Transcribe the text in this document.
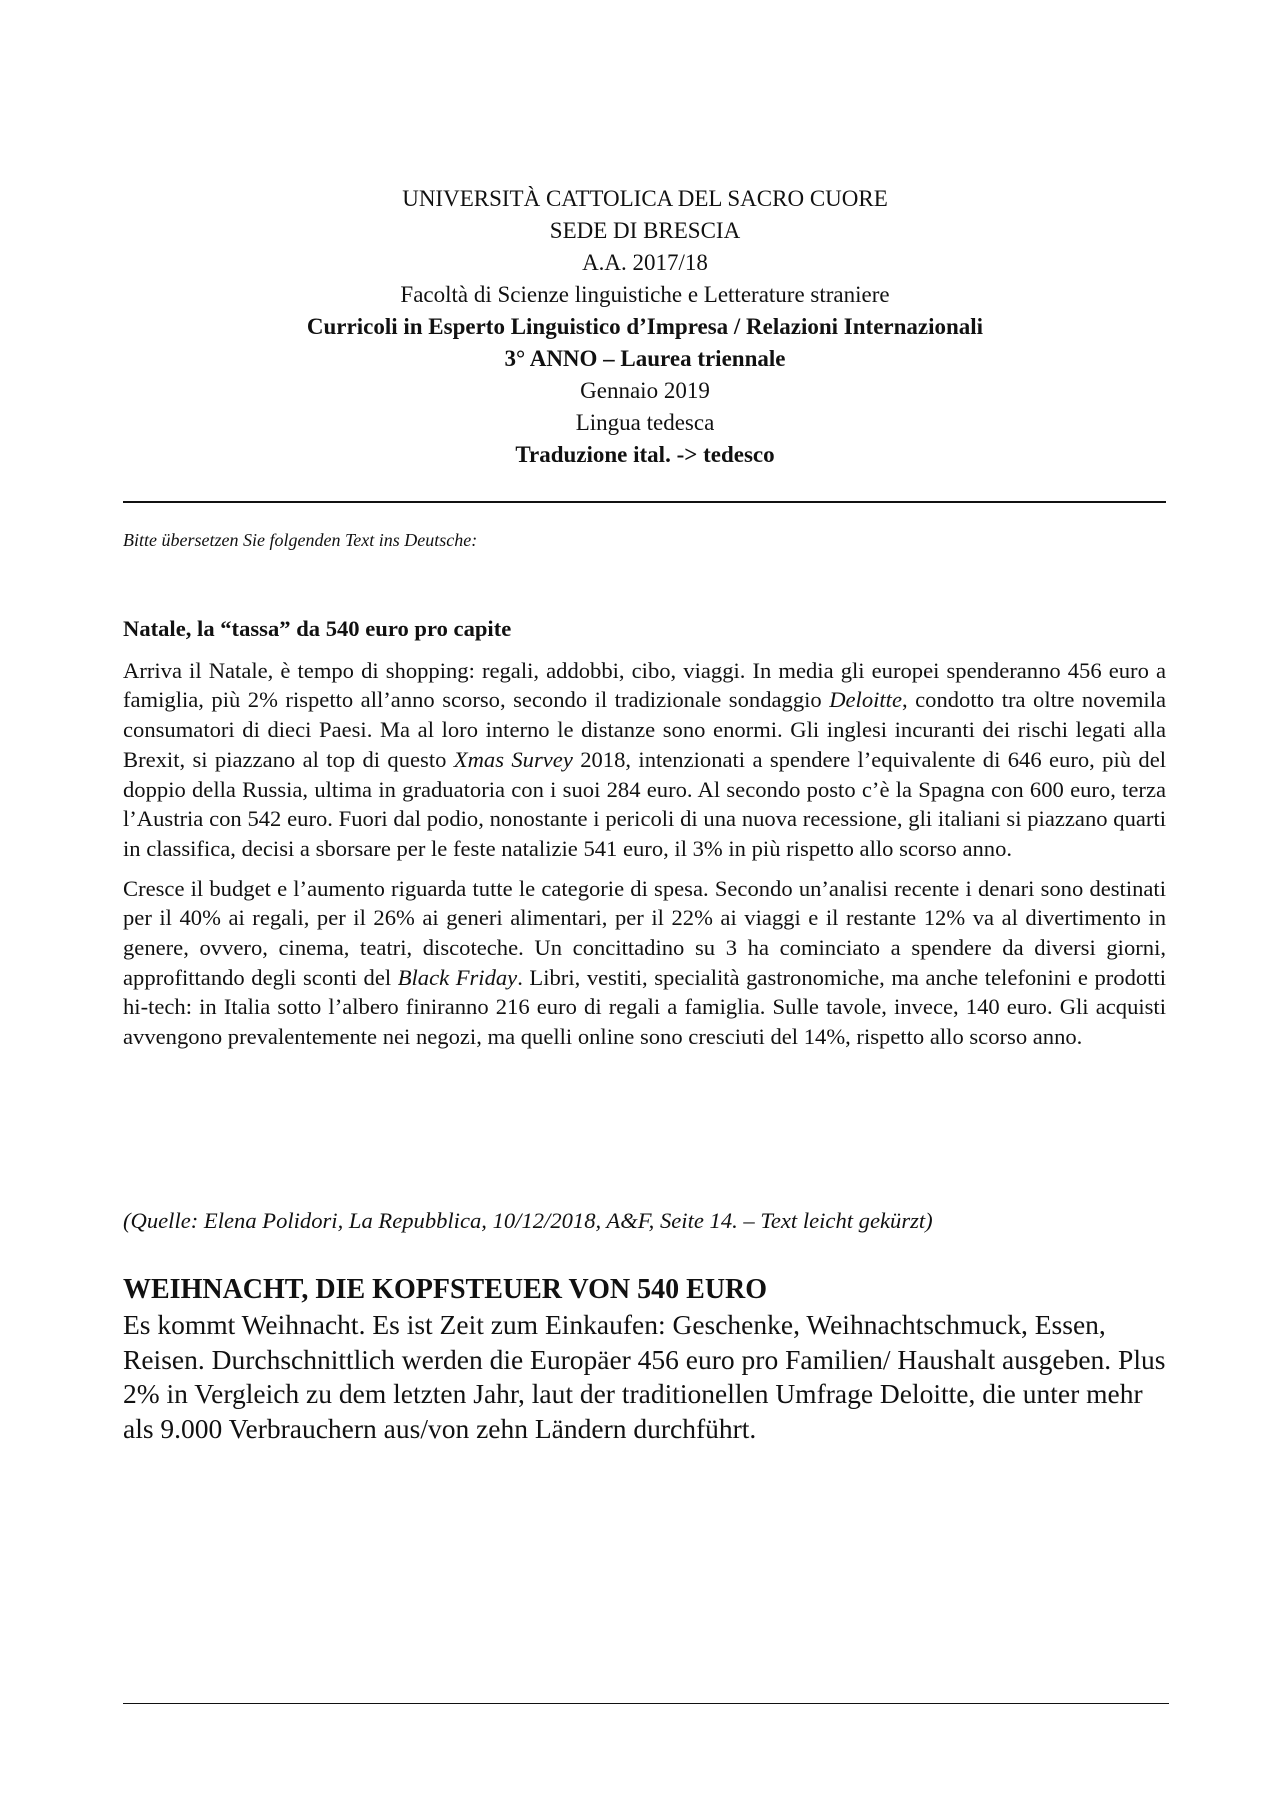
UNIVERSITÀ CATTOLICA DEL SACRO CUORE
SEDE DI BRESCIA
A.A. 2017/18
Facoltà di Scienze linguistiche e Letterature straniere
Curricoli in Esperto Linguistico d’Impresa / Relazioni Internazionali
3° ANNO – Laurea triennale
Gennaio 2019
Lingua tedesca
Traduzione ital. -> tedesco
Bitte übersetzen Sie folgenden Text ins Deutsche:
Natale, la “tassa” da 540 euro pro capite

Arriva il Natale, è tempo di shopping: regali, addobbi, cibo, viaggi. In media gli europei spenderanno 456 euro a famiglia, più 2% rispetto all’anno scorso, secondo il tradizionale sondaggio Deloitte, condotto tra oltre novemila consumatori di dieci Paesi. Ma al loro interno le distanze sono enormi. Gli inglesi incuranti dei rischi legati alla Brexit, si piazzano al top di questo Xmas Survey 2018, intenzionati a spendere l’equivalente di 646 euro, più del doppio della Russia, ultima in graduatoria con i suoi 284 euro. Al secondo posto c’è la Spagna con 600 euro, terza l’Austria con 542 euro. Fuori dal podio, nonostante i pericoli di una nuova recessione, gli italiani si piazzano quarti in classifica, decisi a sborsare per le feste natalizie 541 euro, il 3% in più rispetto allo scorso anno.

Cresce il budget e l’aumento riguarda tutte le categorie di spesa. Secondo un’analisi recente i denari sono destinati per il 40% ai regali, per il 26% ai generi alimentari, per il 22% ai viaggi e il restante 12% va al divertimento in genere, ovvero, cinema, teatri, discoteche. Un concittadino su 3 ha cominciato a spendere da diversi giorni, approfittando degli sconti del Black Friday. Libri, vestiti, specialità gastronomiche, ma anche telefonini e prodotti hi-tech: in Italia sotto l’albero finiranno 216 euro di regali a famiglia. Sulle tavole, invece, 140 euro. Gli acquisti avvengono prevalentemente nei negozi, ma quelli online sono cresciuti del 14%, rispetto allo scorso anno.

(Quelle: Elena Polidori, La Repubblica, 10/12/2018, A&F, Seite 14. – Text leicht gekürzt)
WEIHNACHT, DIE KOPFSTEUER VON 540 EURO

Es kommt Weihnacht. Es ist Zeit zum Einkaufen: Geschenke, Weihnachtschmuck, Essen, Reisen. Durchschnittlich werden die Europäer 456 euro pro Familien/ Haushalt ausgeben. Plus 2% in Vergleich zu dem letzten Jahr, laut der traditionellen Umfrage Deloitte, die unter mehr als 9.000 Verbrauchern aus/von zehn Ländern durchführt.
